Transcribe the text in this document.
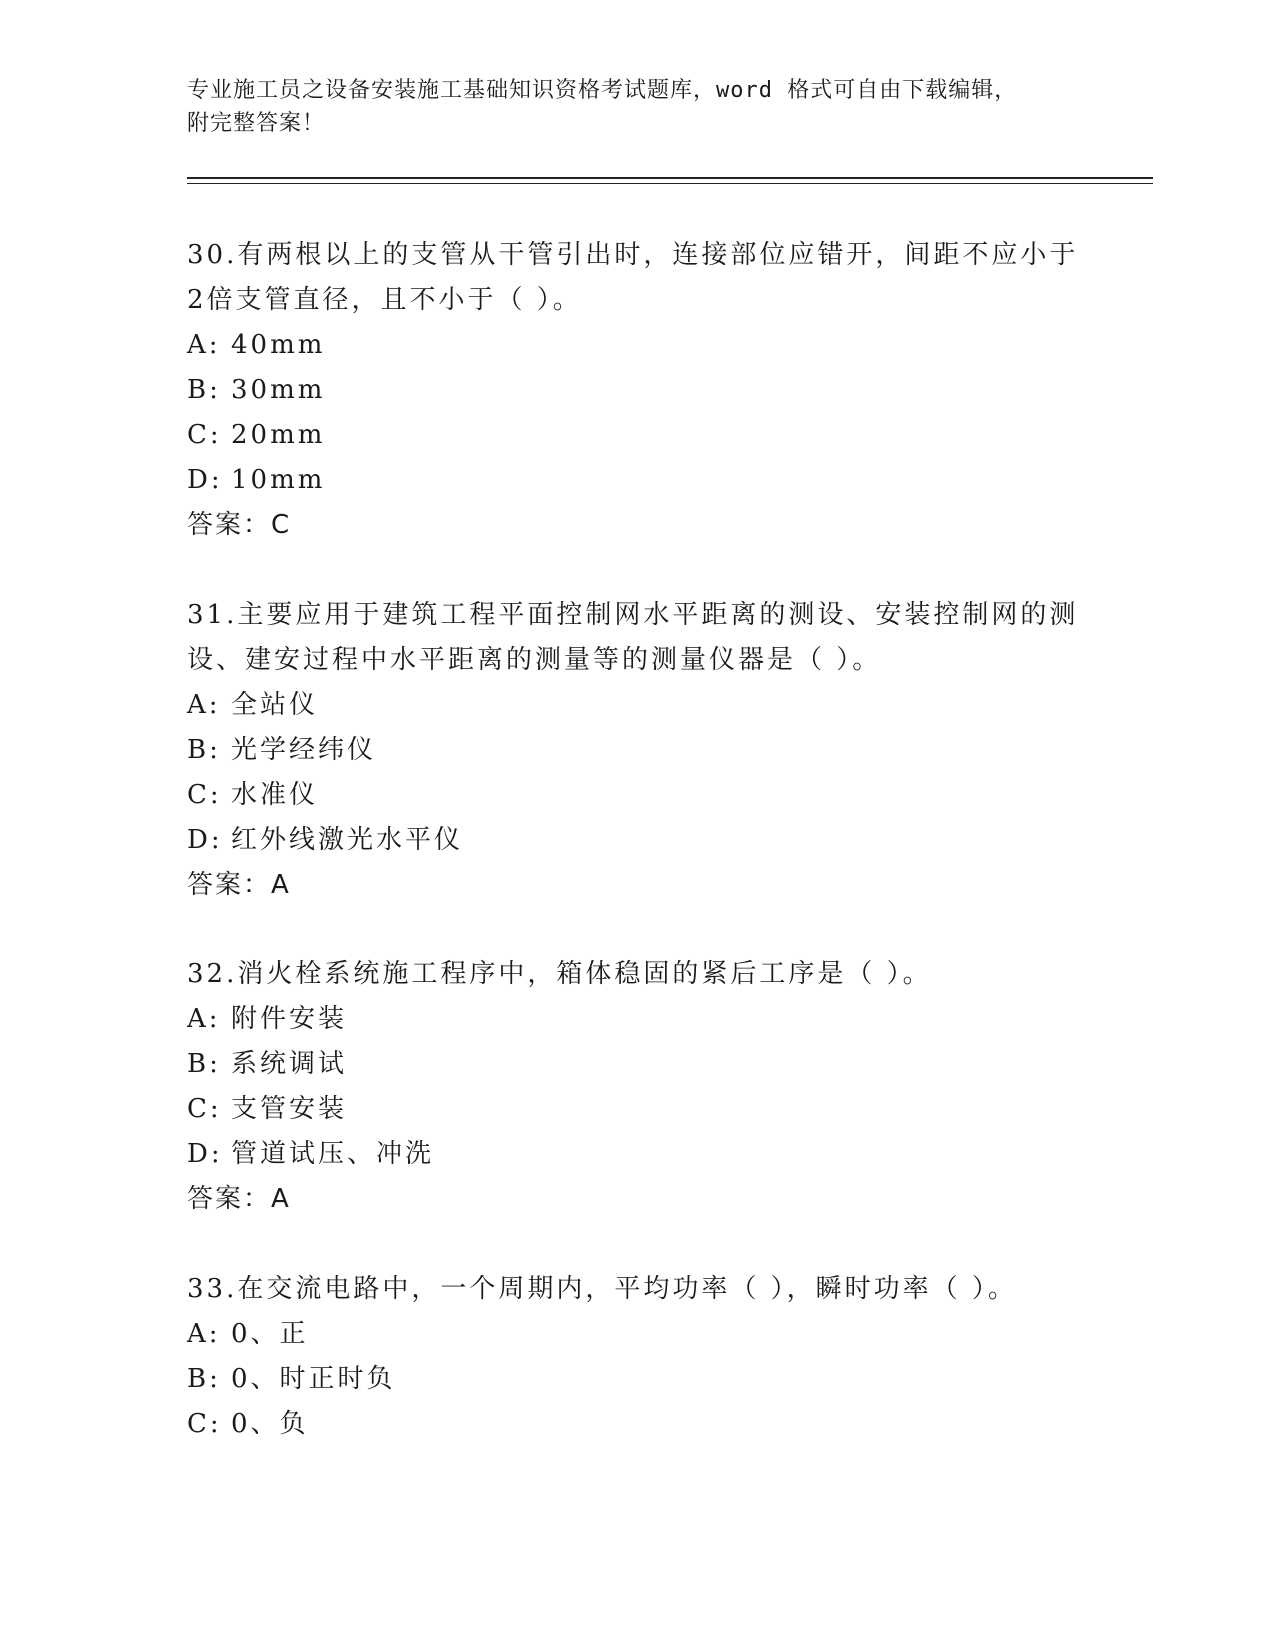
专业施工员之设备安装施工基础知识资格考试题库，word 格式可自由下载编辑，
附完整答案！
30.有两根以上的支管从干管引出时，连接部位应错开，间距不应小于
2倍支管直径，且不小于（ ）。
A: 40mm
B: 30mm
C: 20mm
D: 10mm
答案：C
31.主要应用于建筑工程平面控制网水平距离的测设、安装控制网的测
设、建安过程中水平距离的测量等的测量仪器是（ ）。
A: 全站仪
B: 光学经纬仪
C: 水准仪
D: 红外线激光水平仪
答案：A
32.消火栓系统施工程序中，箱体稳固的紧后工序是（ ）。
A: 附件安装
B: 系统调试
C: 支管安装
D: 管道试压、冲洗
答案：A
33.在交流电路中，一个周期内，平均功率（ ），瞬时功率（ ）。
A: 0、正
B: 0、时正时负
C: 0、负
